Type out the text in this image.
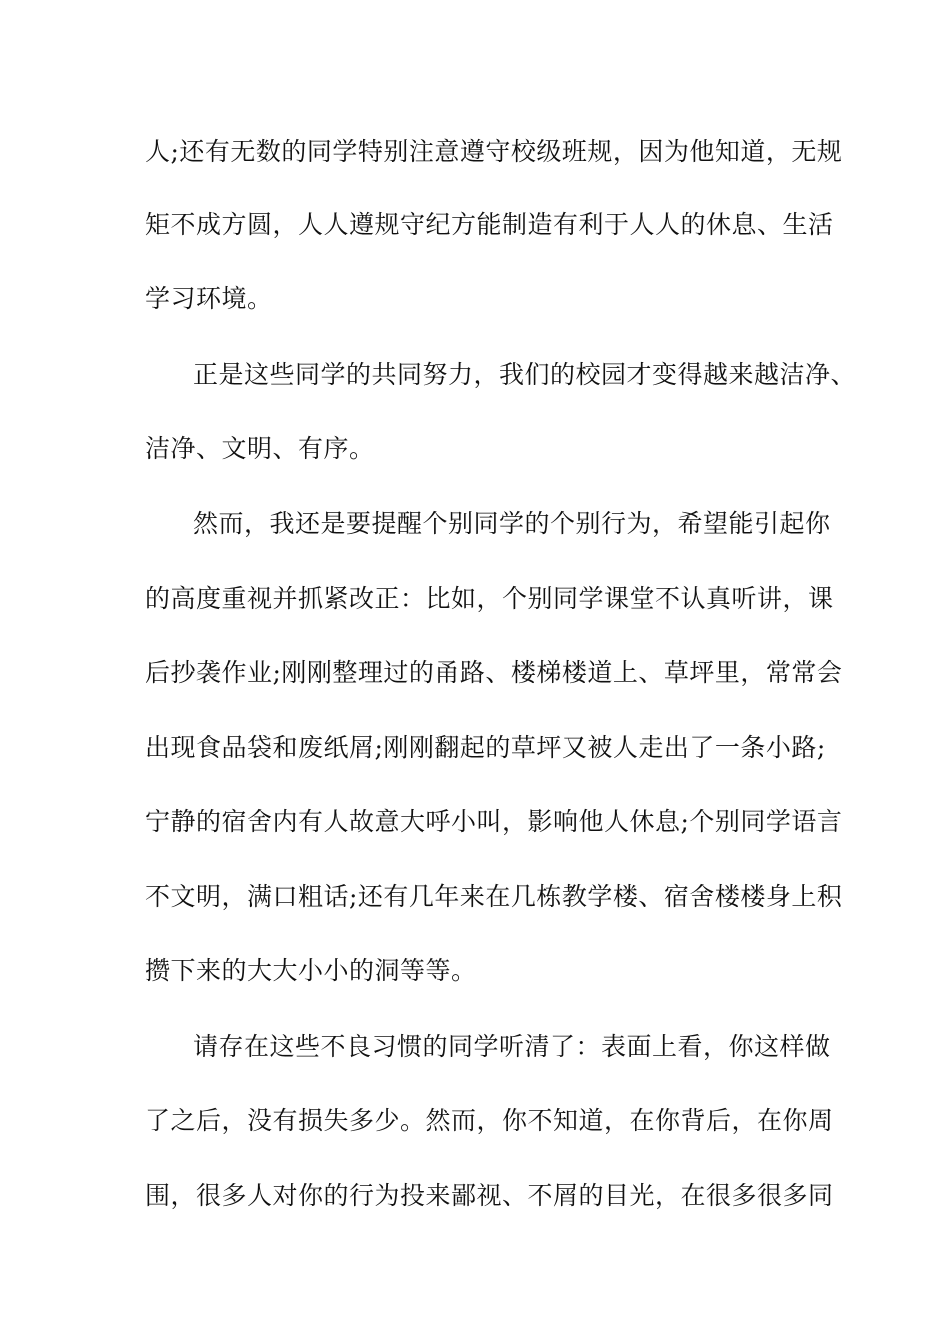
人;还有无数的同学特别注意遵守校级班规，因为他知道，无规

矩不成方圆，人人遵规守纪方能制造有利于人人的休息、生活

学习环境。

正是这些同学的共同努力，我们的校园才变得越来越洁净、

洁净、文明、有序。

然而，我还是要提醒个别同学的个别行为，希望能引起你

的高度重视并抓紧改正：比如，个别同学课堂不认真听讲，课

后抄袭作业;刚刚整理过的甬路、楼梯楼道上、草坪里，常常会

出现食品袋和废纸屑;刚刚翻起的草坪又被人走出了一条小路;

宁静的宿舍内有人故意大呼小叫，影响他人休息;个别同学语言

不文明，满口粗话;还有几年来在几栋教学楼、宿舍楼楼身上积

攒下来的大大小小的洞等等。

请存在这些不良习惯的同学听清了：表面上看，你这样做

了之后，没有损失多少。然而，你不知道，在你背后，在你周

围，很多人对你的行为投来鄙视、不屑的目光，在很多很多同
